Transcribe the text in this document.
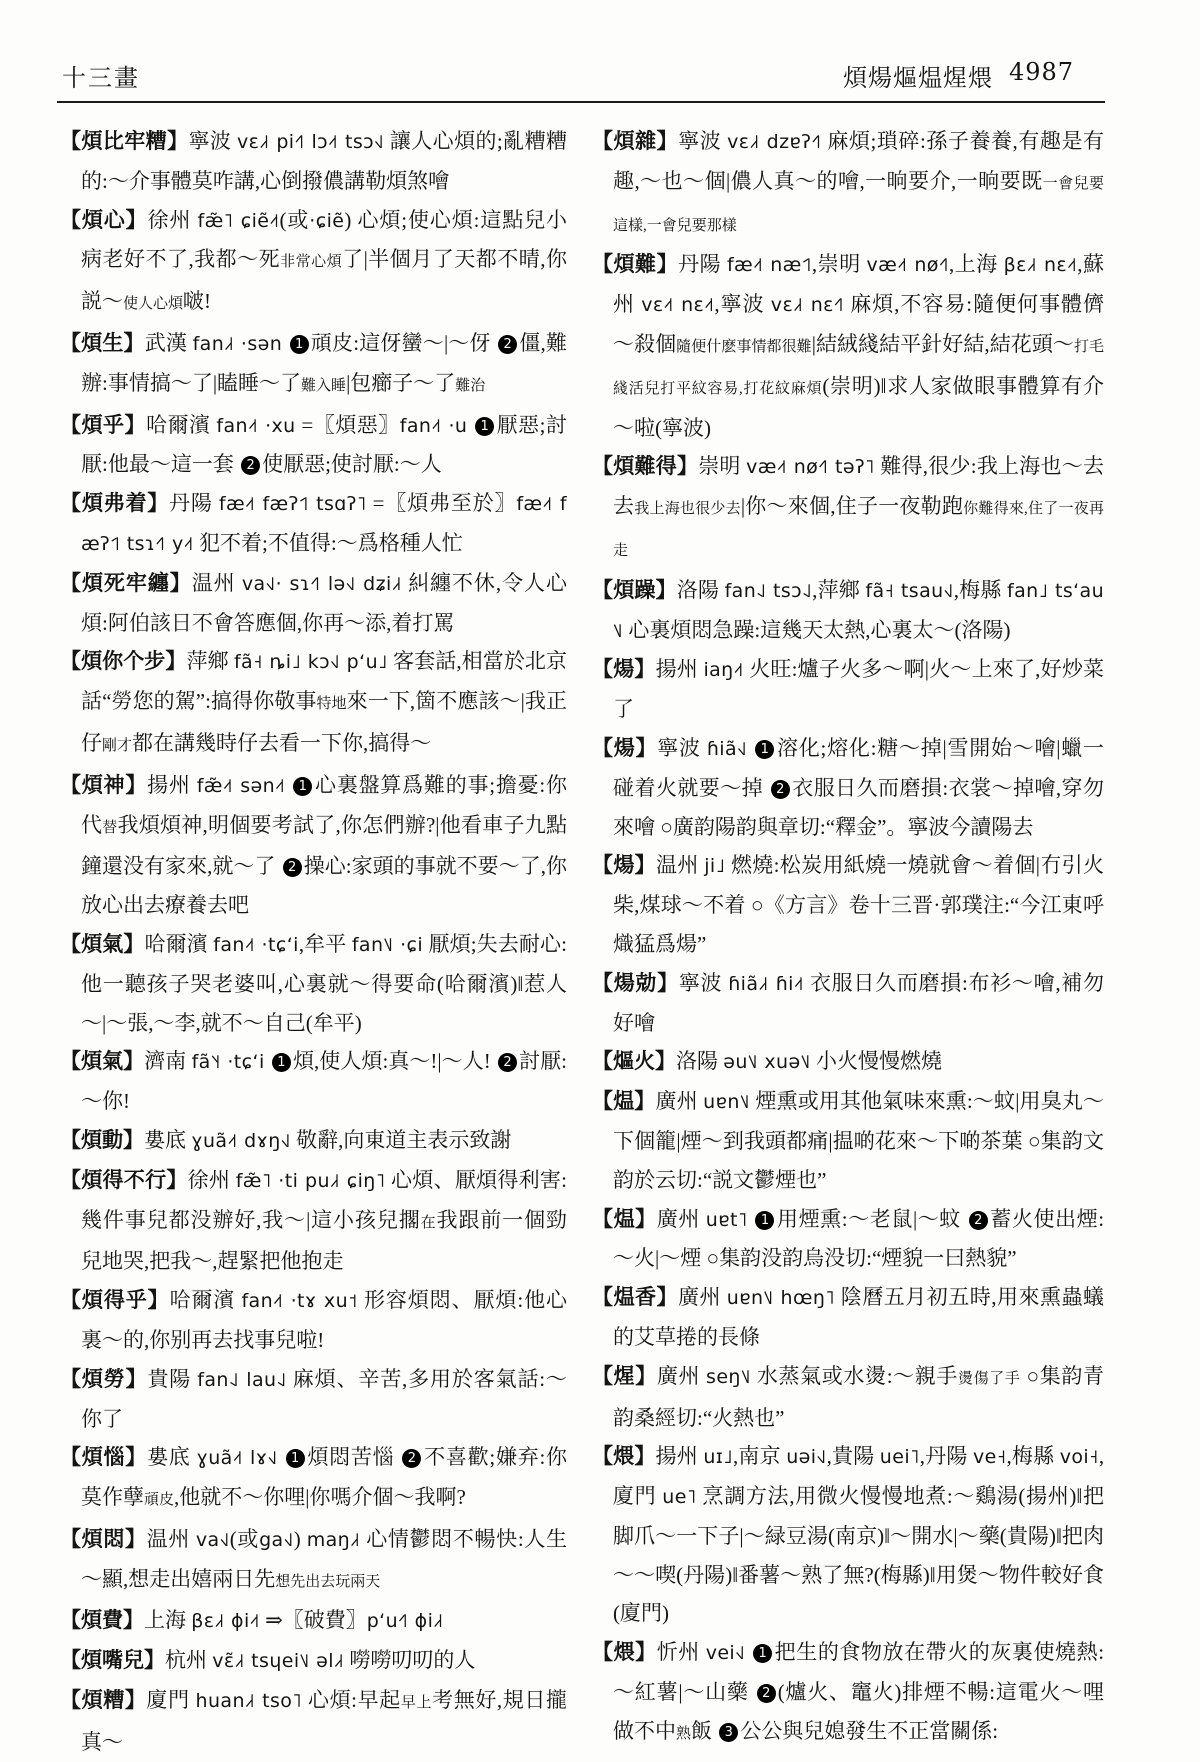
十三畫	煩煬熰煴煋煨 4987

【煩比牢糟】寧波 vɛ˩˧ pi˧˥ lɔ˨˦ tsɔ˧˩ 讓人心煩的;亂糟糟的:～介事體莫咋講,心倒撥儂講勒煩煞噲

【煩心】徐州 fæ̃˥ ɕiẽ˨˦(或·ɕiẽ) 心煩;使心煩:這點兒小病老好不了,我都～死非常心煩了|半個月了天都不晴,你説～使人心煩啵!

【煩生】武漢 fan˩˧ ·sən 1 頑皮:這伢蠻～|～伢 2 僵,難辦:事情搞～了|瞌睡～了難入睡|包癤子～了難治

【煩乎】哈爾濱 fan˨˦ ·xu =〖煩惡〗fan˨˦ ·u 1 厭惡;討厭:他最～這一套 2 使厭惡;使討厭:～人

【煩弗着】丹陽 fæ˨˦ fæʔ˦˥ tsɑʔ˥ =〖煩弗至於〗fæ˨˦ fæʔ˦˥ tsɿ˧˥ y˨˦ 犯不着;不值得:～爲格種人忙

【煩死牢纏】温州 va˧˩· sɿ˧˥ lə˧˩ dʑi˩˧ 糾纏不休,令人心煩:阿伯該日不會答應個,你再～添,着打罵

【煩你个步】萍鄉 fã˧ ȵi˩ kɔ˧˩ pʻu˩ 客套話,相當於北京話“勞您的駕”:搞得你敬事特地來一下,箇不應該～|我正仔剛才都在講幾時仔去看一下你,搞得～

【煩神】揚州 fæ̃˨˦ sən˨˦ 1 心裏盤算爲難的事;擔憂:你代替我煩煩神,明個要考試了,你怎們辦?|他看車子九點鐘還没有家來,就～了 2 操心:家頭的事就不要～了,你放心出去療養去吧

【煩氣】哈爾濱 fan˨˦ ·tɕʻi,牟平 fan˥˩ ·ɕi 厭煩;失去耐心:他一聽孩子哭老婆叫,心裏就～得要命(哈爾濱)‖惹人～|～張,～李,就不～自己(牟平)

【煩氣】濟南 fã˥˧ ·tɕʻi 1 煩,使人煩:真～!|～人! 2 討厭:～你!

【煩動】婁底 ɣuã˨˦ dɤŋ˧˩ 敬辭,向東道主表示致謝

【煩得不行】徐州 fæ̃˥ ·ti pu˩˧ ɕiŋ˥ 心煩、厭煩得利害:幾件事兒都没辦好,我～|這小孩兒擱在我跟前一個勁兒地哭,把我～,趕緊把他抱走

【煩得乎】哈爾濱 fan˨˦ ·tɤ xu˦ 形容煩悶、厭煩:他心裏～的,你别再去找事兒啦!

【煩勞】貴陽 fan˨˩ lau˨˩ 麻煩、辛苦,多用於客氣話:～你了

【煩惱】婁底 ɣuã˨˦ lɤ˧˩ 1 煩悶苦惱 2 不喜歡;嫌弃:你莫作孽頑皮,他就不～你哩|你嗎介個～我啊?

【煩悶】温州 va˧˩(或ga˧˩) maŋ˩˧ 心情鬱悶不暢快:人生～顯,想走出嬉兩日先想先出去玩兩天

【煩費】上海 βɛ˩˧ ɸi˨˦ ⇒〖破費〗pʻu˧˥ ɸi˩˧

【煩嘴兒】杭州 vɛ̃˩˧ tsɥei˥˩ əl˩˧ 嘮嘮叨叨的人

【煩糟】廈門 huan˩˧ tso˥ 心煩:早起早上考無好,規日攏真～

【煩雜】寧波 vɛ˩˧ dzɐʔ˧˥ 麻煩;瑣碎:孫子養養,有趣是有趣,～也～個|儂人真～的噲,一晌要介,一晌要既一會兒要這樣,一會兒要那樣

【煩難】丹陽 fæ˨˦ næ˦˥,崇明 væ˨˦ nø˧˥,上海 βɛ˩˧ nɛ˨˦,蘇州 vɛ˨˦ nɛ˨˦,寧波 vɛ˩˧ nɛ˧˥ 麻煩,不容易:隨便何事體儕～殺個隨便什麽事情都很難|結絨綫結平針好結,結花頭～打毛綫活兒打平紋容易,打花紋麻煩(崇明)‖求人家做眼事體算有介～啦(寧波)

【煩難得】崇明 væ˨˦ nø˧˥ təʔ˥ 難得,很少:我上海也～去去我上海也很少去|你～來個,住子一夜勒跑你難得來,住了一夜再走

【煩躁】洛陽 fan˨˩ tsɔ˨˩,萍鄉 fã˧ tsau˧˩,梅縣 fan˩ tsʻau˥˩ 心裏煩悶急躁:這幾天太熱,心裏太～(洛陽)

【煬】揚州 iaŋ˨˦ 火旺:爐子火多～啊|火～上來了,好炒菜了

【煬】寧波 ɦiã˧˩ 1 溶化;熔化:糖～掉|雪開始～噲|蠟一碰着火就要～掉 2 衣服日久而磨損:衣裳～掉噲,穿勿來噲 ○廣韵陽韵與章切:“釋金”。寧波今讀陽去

【煬】温州 ji˩ 燃燒:松炭用紙燒一燒就會～着個|冇引火柴,煤球～不着 ○《方言》卷十三晋·郭璞注:“今江東呼熾猛爲煬”

【煬勀】寧波 ɦiã˩˧ ɦi˨˦ 衣服日久而磨損:布衫～噲,補勿好噲

【熰火】洛陽 əu˥˩ xuə˥˩ 小火慢慢燃燒

【煴】廣州 uɐn˥˩ 煙熏或用其他氣味來熏:～蚊|用臭丸～下個籠|煙～到我頭都痛|揾啲花來～下啲茶葉 ○集韵文韵於云切:“説文鬱煙也”

【煴】廣州 uɐt˥ 1 用煙熏:～老鼠|～蚊 2 蓄火使出煙:～火|～煙 ○集韵没韵烏没切:“煙貌一曰熱貌”

【煴香】廣州 uɐn˥˩ hœŋ˥ 陰曆五月初五時,用來熏蟲蟻的艾草捲的長條

【煋】廣州 seŋ˥˩ 水蒸氣或水燙:～親手燙傷了手 ○集韵青韵桑經切:“火熱也”

【煨】揚州 uɪ˩,南京 uəi˧˩,貴陽 uei˥,丹陽 ve˧,梅縣 voi˧,廈門 ue˥ 烹調方法,用微火慢慢地煮:～鷄湯(揚州)‖把脚爪～一下子|～緑豆湯(南京)‖～開水|～藥(貴陽)‖把肉～～喫(丹陽)‖番薯～熟了無?(梅縣)‖用煲～物件較好食(廈門)

【煨】忻州 vei˧˩ 1 把生的食物放在帶火的灰裏使燒熱:～紅薯|～山藥 2 (爐火、竈火)排煙不暢:這電火～哩做不中熟飯 3 公公與兒媳發生不正當關係:
